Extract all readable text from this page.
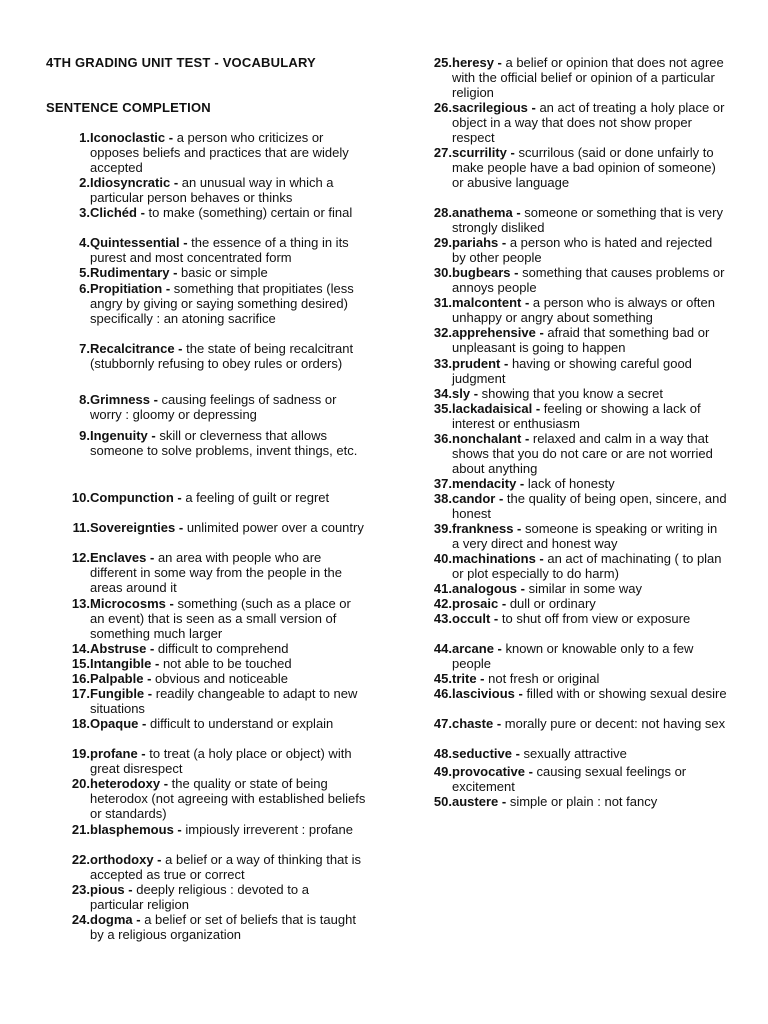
4TH GRADING UNIT TEST - VOCABULARY
SENTENCE COMPLETION
1. Iconoclastic - a person who criticizes or opposes beliefs and practices that are widely accepted
2. Idiosyncratic - an unusual way in which a particular person behaves or thinks
3. Clichéd - to make (something) certain or final
4. Quintessential - the essence of a thing in its purest and most concentrated form
5. Rudimentary - basic or simple
6. Propitiation - something that propitiates (less angry by giving or saying something desired) specifically : an atoning sacrifice
7. Recalcitrance - the state of being recalcitrant (stubbornly refusing to obey rules or orders)
8. Grimness - causing feelings of sadness or worry : gloomy or depressing
9. Ingenuity - skill or cleverness that allows someone to solve problems, invent things, etc.
10. Compunction - a feeling of guilt or regret
11. Sovereignties - unlimited power over a country
12. Enclaves - an area with people who are different in some way from the people in the areas around it
13. Microcosms - something (such as a place or an event) that is seen as a small version of something much larger
14. Abstruse - difficult to comprehend
15. Intangible - not able to be touched
16. Palpable - obvious and noticeable
17. Fungible - readily changeable to adapt to new situations
18. Opaque - difficult to understand or explain
19. profane - to treat (a holy place or object) with great disrespect
20. heterodoxy - the quality or state of being heterodox (not agreeing with established beliefs or standards)
21. blasphemous - impiously irreverent : profane
22. orthodoxy - a belief or a way of thinking that is accepted as true or correct
23. pious - deeply religious : devoted to a particular religion
24. dogma - a belief or set of beliefs that is taught by a religious organization
25. heresy - a belief or opinion that does not agree with the official belief or opinion of a particular religion
26. sacrilegious - an act of treating a holy place or object in a way that does not show proper respect
27. scurrility - scurrilous (said or done unfairly to make people have a bad opinion of someone) or abusive language
28. anathema - someone or something that is very strongly disliked
29. pariahs - a person who is hated and rejected by other people
30. bugbears - something that causes problems or annoys people
31. malcontent - a person who is always or often unhappy or angry about something
32. apprehensive - afraid that something bad or unpleasant is going to happen
33. prudent - having or showing careful good judgment
34. sly - showing that you know a secret
35. lackadaisical - feeling or showing a lack of interest or enthusiasm
36. nonchalant - relaxed and calm in a way that shows that you do not care or are not worried about anything
37. mendacity - lack of honesty
38. candor - the quality of being open, sincere, and honest
39. frankness - someone is speaking or writing in a very direct and honest way
40. machinations - an act of machinating ( to plan or plot especially to do harm)
41. analogous - similar in some way
42. prosaic - dull or ordinary
43. occult - to shut off from view or exposure
44. arcane - known or knowable only to a few people
45. trite - not fresh or original
46. lascivious - filled with or showing sexual desire
47. chaste - morally pure or decent: not having sex
48. seductive - sexually attractive
49. provocative - causing sexual feelings or excitement
50. austere - simple or plain : not fancy
